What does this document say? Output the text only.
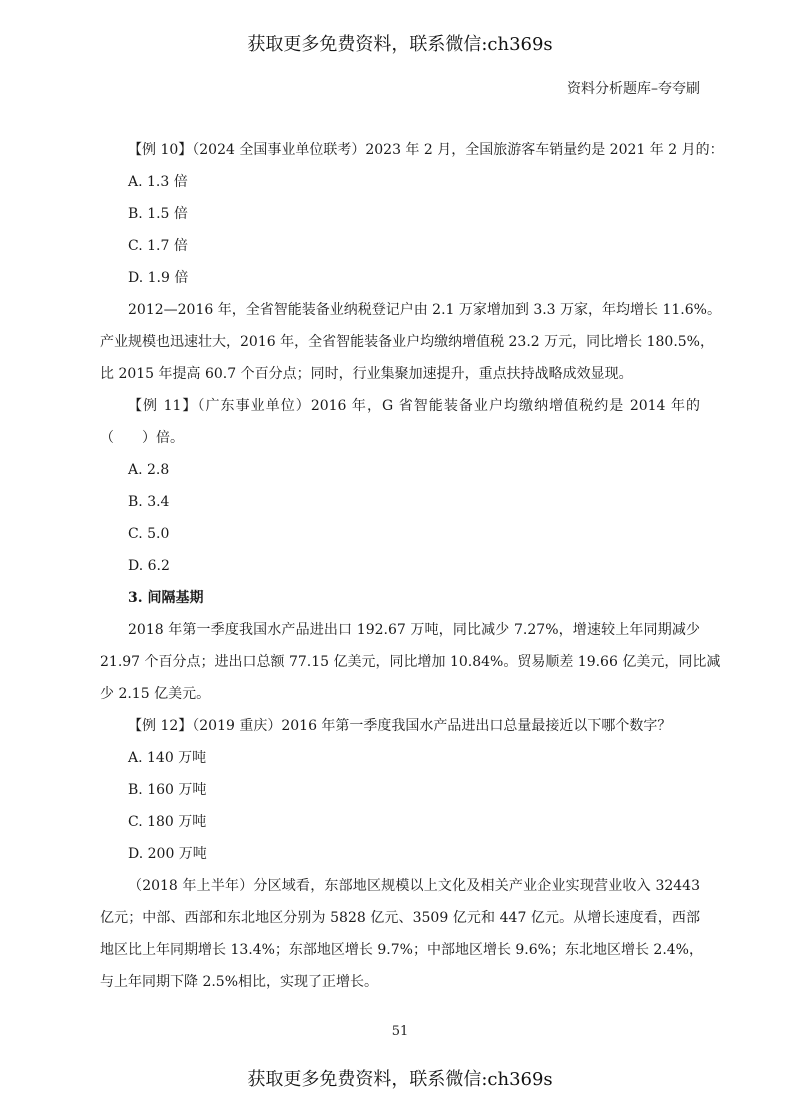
获取更多免费资料，联系微信:ch369s
资料分析题库–夸夸刷
【例 10】（2024 全国事业单位联考）2023 年 2 月，全国旅游客车销量约是 2021 年 2 月的：
A. 1.3 倍
B. 1.5 倍
C. 1.7 倍
D. 1.9 倍
2012—2016 年，全省智能装备业纳税登记户由 2.1 万家增加到 3.3 万家，年均增长 11.6%。
产业规模也迅速壮大，2016 年，全省智能装备业户均缴纳增值税 23.2 万元，同比增长 180.5%，
比 2015 年提高 60.7 个百分点；同时，行业集聚加速提升，重点扶持战略成效显现。
【例 11】（广东事业单位）2016 年，G 省智能装备业户均缴纳增值税约是 2014 年的
（　　）倍。
A. 2.8
B. 3.4
C. 5.0
D. 6.2
3. 间隔基期
2018 年第一季度我国水产品进出口 192.67 万吨，同比减少 7.27%，增速较上年同期减少
21.97 个百分点；进出口总额 77.15 亿美元，同比增加 10.84%。贸易顺差 19.66 亿美元，同比减
少 2.15 亿美元。
【例 12】（2019 重庆）2016 年第一季度我国水产品进出口总量最接近以下哪个数字？
A. 140 万吨
B. 160 万吨
C. 180 万吨
D. 200 万吨
（2018 年上半年）分区域看，东部地区规模以上文化及相关产业企业实现营业收入 32443
亿元；中部、西部和东北地区分别为 5828 亿元、3509 亿元和 447 亿元。从增长速度看，西部
地区比上年同期增长 13.4%；东部地区增长 9.7%；中部地区增长 9.6%；东北地区增长 2.4%，
与上年同期下降 2.5%相比，实现了正增长。
51
获取更多免费资料，联系微信:ch369s
